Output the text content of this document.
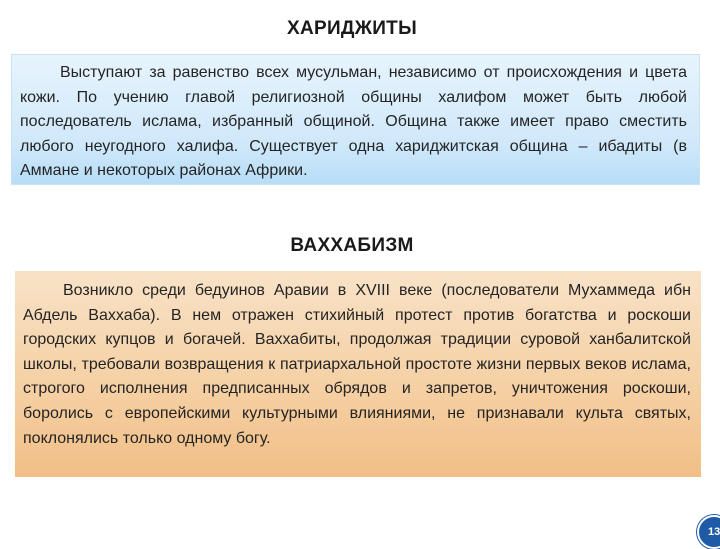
ХАРИДЖИТЫ

Выступают за равенство всех мусульман, независимо от происхождения и цвета кожи. По учению главой религиозной общины халифом может быть любой последователь ислама, избранный общиной. Община также имеет право сместить любого неугодного халифа. Существует одна хариджитская община – ибадиты (в Аммане и некоторых районах Африки.

ВАХХАБИЗМ

Возникло среди бедуинов Аравии в XVIII веке (последователи Мухаммеда ибн Абдель Ваххаба). В нем отражен стихийный протест против богатства и роскоши городских купцов и богачей. Ваххабиты, продолжая традиции суровой ханбалитской школы, требовали возвращения к патриархальной простоте жизни первых веков ислама, строгого исполнения предписанных обрядов и запретов, уничтожения роскоши, боролись с европейскими культурными влияниями, не признавали культа святых, поклонялись только одному богу.

13
